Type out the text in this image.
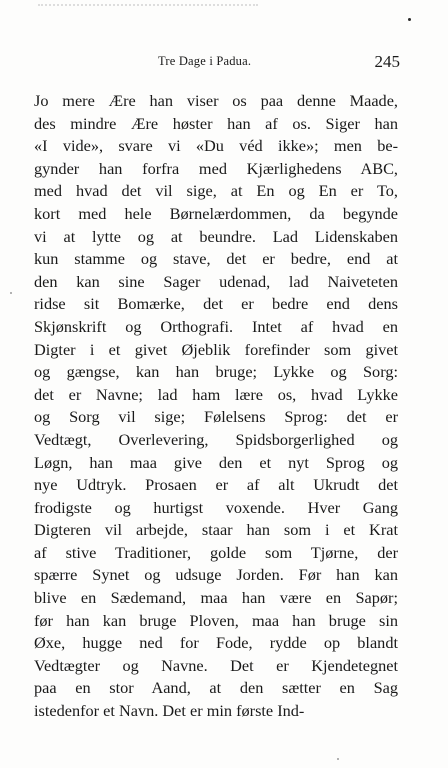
Tre Dage i Padua.	245
Jo mere Ære han viser os paa denne Maade,
des mindre Ære høster han af os. Siger han
«I vide», svare vi «Du véd ikke»; men be-
gynder han forfra med Kjærlighedens ABC,
med hvad det vil sige, at En og En er To,
kort med hele Børnelærdommen, da begynde
vi at lytte og at beundre. Lad Lidenskaben
kun stamme og stave, det er bedre, end at
den kan sine Sager udenad, lad Naiveteten
ridse sit Bomærke, det er bedre end dens
Skjønskrift og Orthografi. Intet af hvad en
Digter i et givet Øjeblik forefinder som givet
og gængse, kan han bruge; Lykke og Sorg:
det er Navne; lad ham lære os, hvad Lykke
og Sorg vil sige; Følelsens Sprog: det er
Vedtægt, Overlevering, Spidsborgerlighed og
Løgn, han maa give den et nyt Sprog og
nye Udtryk. Prosaen er af alt Ukrudt det
frodigste og hurtigst voxende. Hver Gang
Digteren vil arbejde, staar han som i et Krat
af stive Traditioner, golde som Tjørne, der
spærre Synet og udsuge Jorden. Før han kan
blive en Sædemand, maa han være en Sapør;
før han kan bruge Ploven, maa han bruge sin
Øxe, hugge ned for Fode, rydde op blandt
Vedtægter og Navne. Det er Kjendetegnet
paa en stor Aand, at den sætter en Sag
istedenfor et Navn. Det er min første Ind-
